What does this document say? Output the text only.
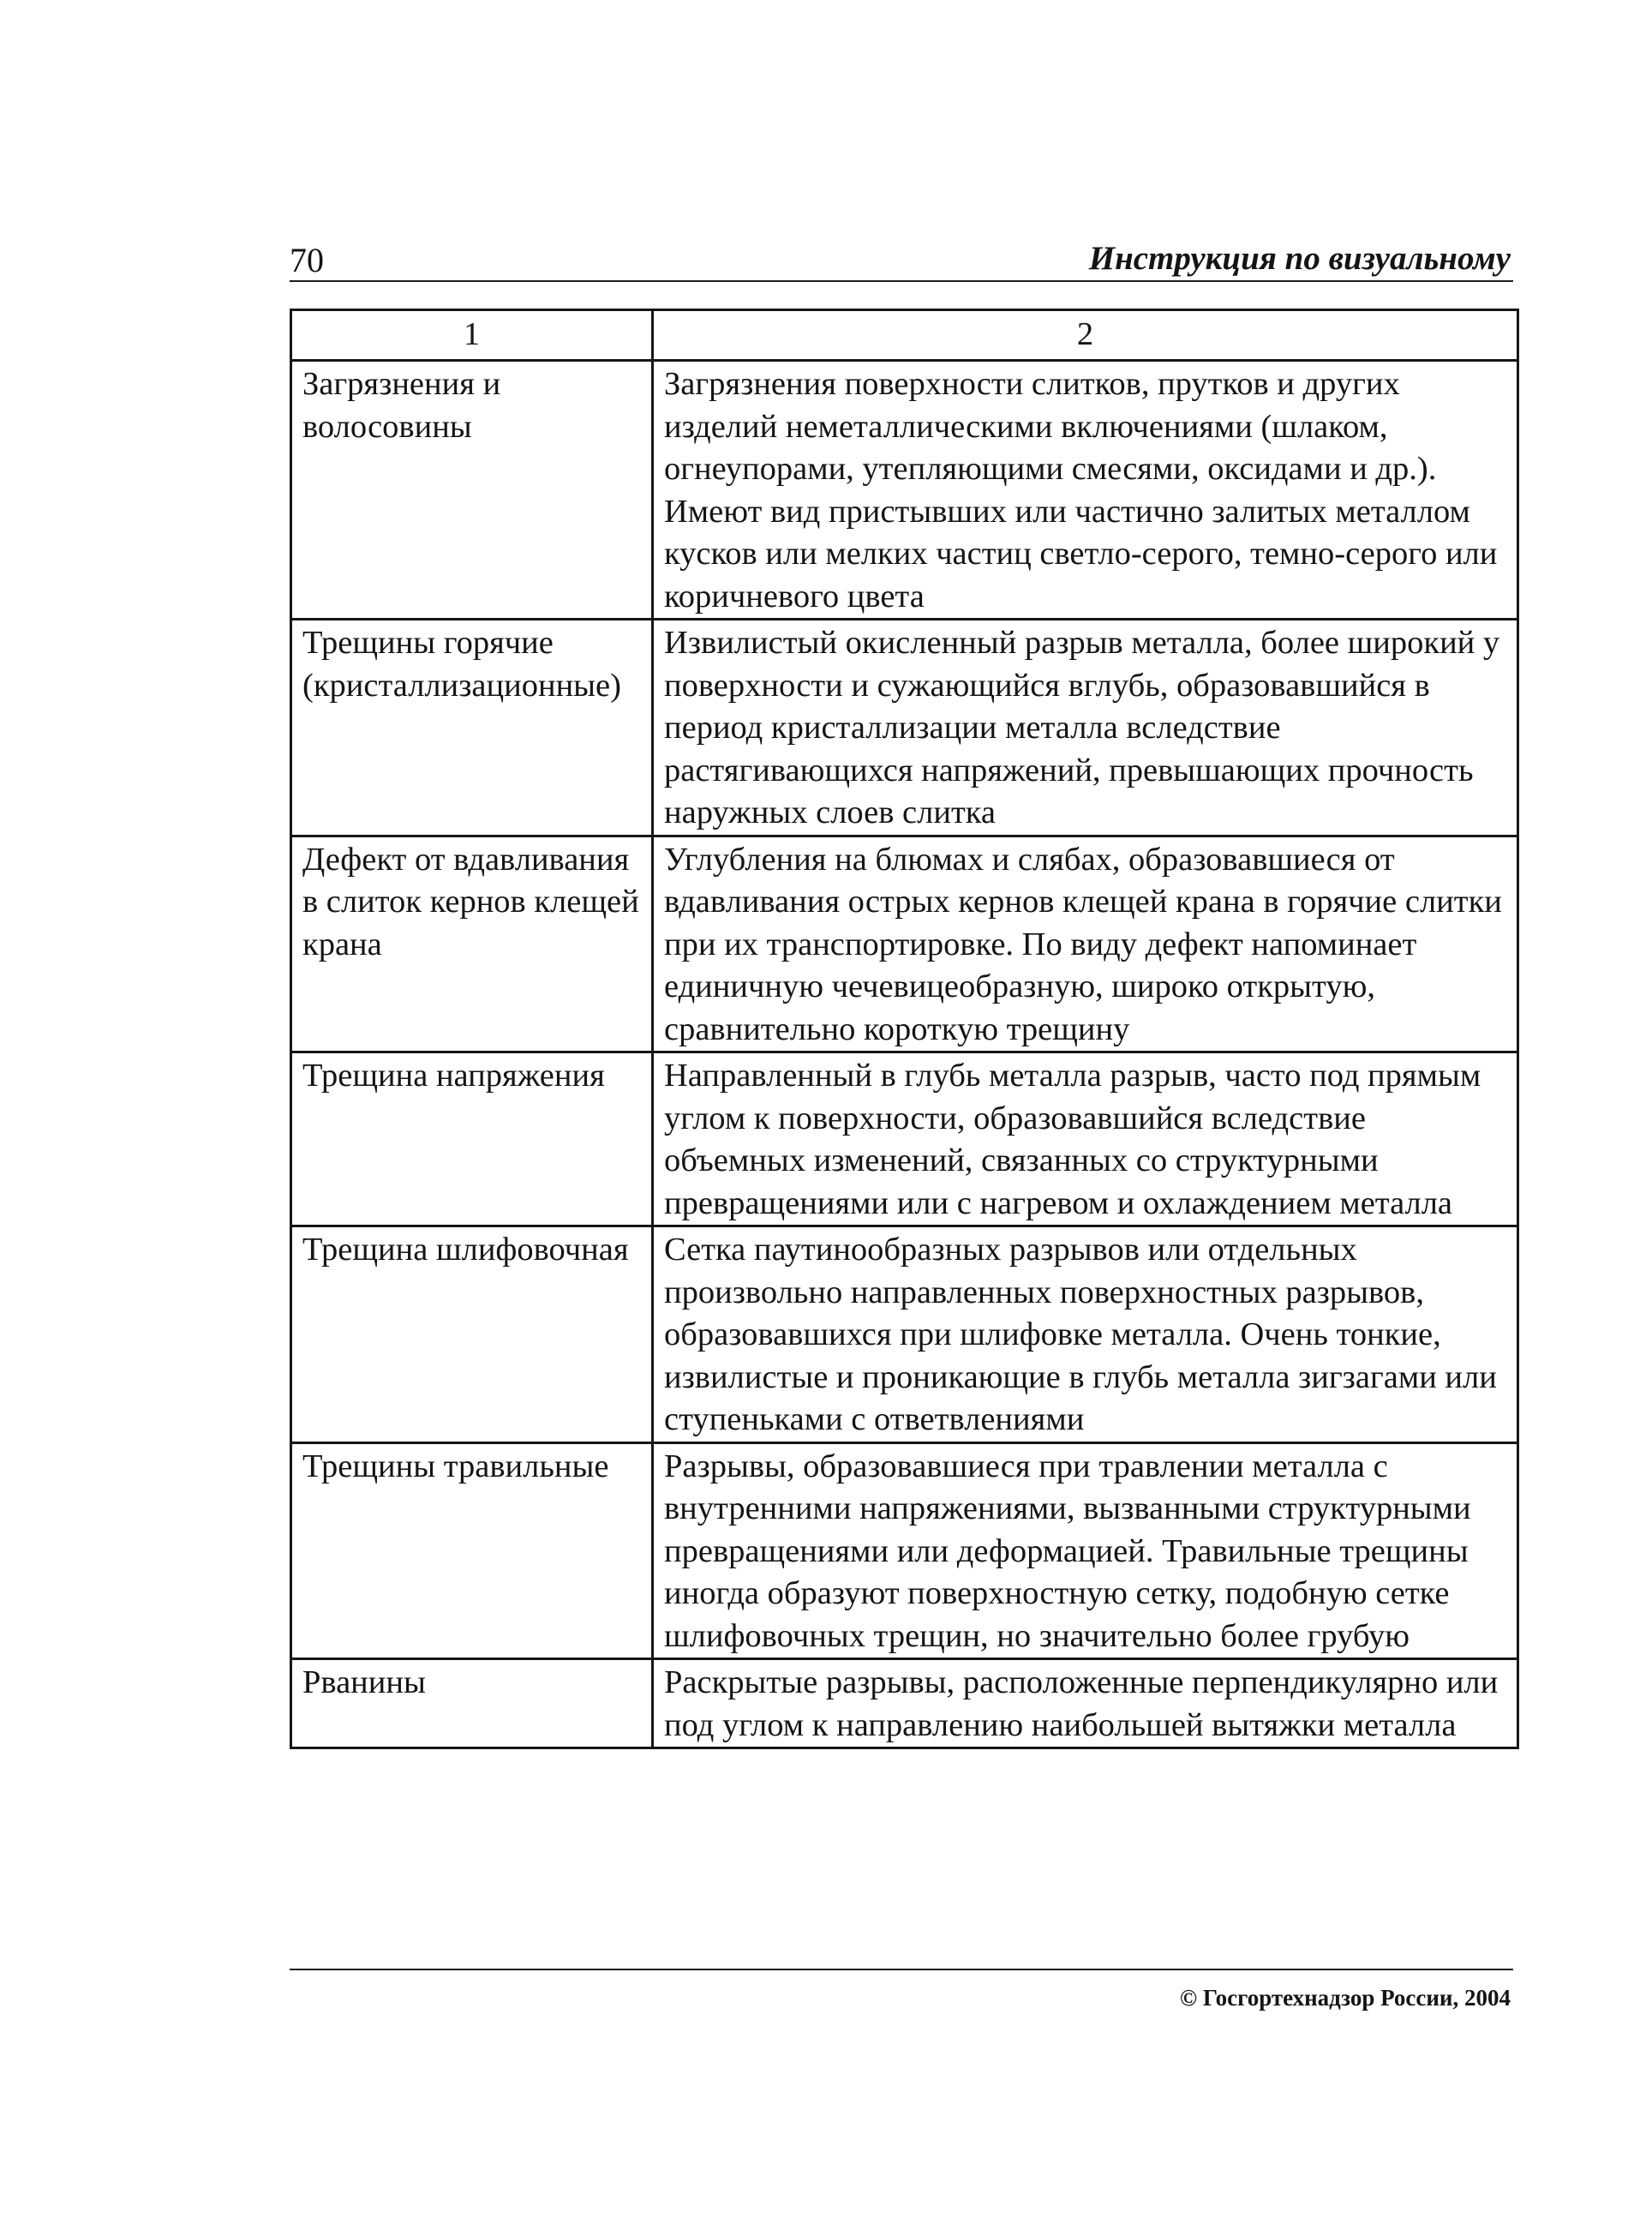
70	Инструкция по визуальному
1	2
Загрязнения и волосовины	Загрязнения поверхности слитков, прутков и других изделий неметаллическими включениями (шлаком, огнеупорами, утепляющими смесями, оксидами и др.). Имеют вид пристывших или частично залитых металлом кусков или мелких частиц светло-серого, темно-серого или коричневого цвета
Трещины горячие (кристаллизационные)	Извилистый окисленный разрыв металла, более широкий у поверхности и сужающийся вглубь, образовавшийся в период кристаллизации металла вследствие растягивающихся напряжений, превышающих прочность наружных слоев слитка
Дефект от вдавливания в слиток кернов клещей крана	Углубления на блюмах и слябах, образовавшиеся от вдавливания острых кернов клещей крана в горячие слитки при их транспортировке. По виду дефект напоминает единичную чечевицеобразную, широко открытую, сравнительно короткую трещину
Трещина напряжения	Направленный в глубь металла разрыв, часто под прямым углом к поверхности, образовавшийся вследствие объемных изменений, связанных со структурными превращениями или с нагревом и охлаждением металла
Трещина шлифовочная	Сетка паутинообразных разрывов или отдельных произвольно направленных поверхностных разрывов, образовавшихся при шлифовке металла. Очень тонкие, извилистые и проникающие в глубь металла зигзагами или ступеньками с ответвлениями
Трещины травильные	Разрывы, образовавшиеся при травлении металла с внутренними напряжениями, вызванными структурными превращениями или деформацией. Травильные трещины иногда образуют поверхностную сетку, подобную сетке шлифовочных трещин, но значительно более грубую
Рванины	Раскрытые разрывы, расположенные перпендикулярно или под углом к направлению наибольшей вытяжки металла
© Госгортехнадзор России, 2004
